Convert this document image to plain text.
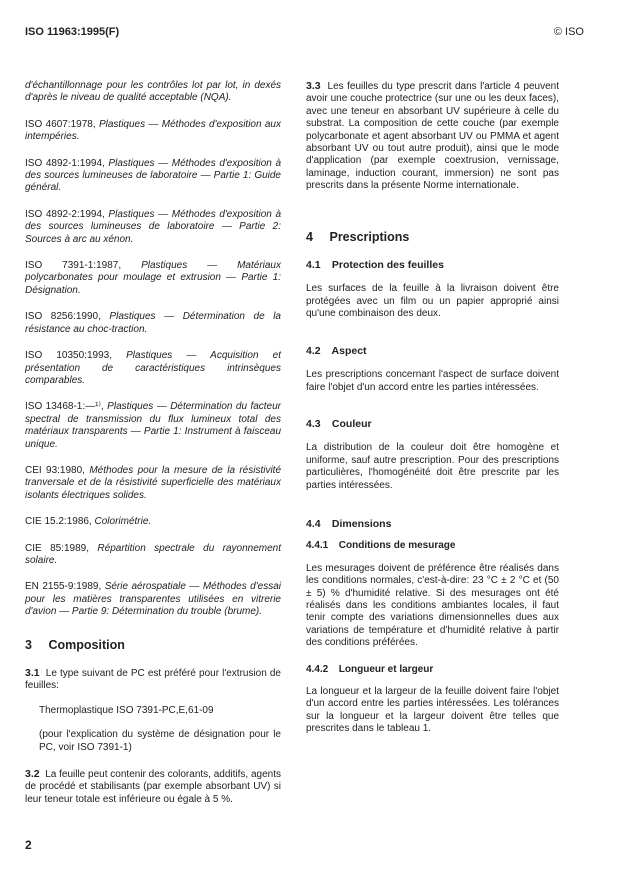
ISO 11963:1995(F)	© ISO

d'échantillonnage pour les contrôles lot par lot, in dexés d'après le niveau de qualité acceptable (NQA).

ISO 4607:1978, Plastiques — Méthodes d'exposition aux intempéries.

ISO 4892-1:1994, Plastiques — Méthodes d'exposition à des sources lumineuses de laboratoire — Partie 1: Guide général.

ISO 4892-2:1994, Plastiques — Méthodes d'exposition à des sources lumineuses de laboratoire — Partie 2: Sources à arc au xénon.

ISO 7391-1:1987, Plastiques — Matériaux polycarbonates pour moulage et extrusion — Partie 1: Désignation.

ISO 8256:1990, Plastiques — Détermination de la résistance au choc-traction.

ISO 10350:1993, Plastiques — Acquisition et présentation de caractéristiques intrinsèques comparables.

ISO 13468-1:—¹⁾, Plastiques — Détermination du facteur spectral de transmission du flux lumineux total des matériaux transparents — Partie 1: Instrument à faisceau unique.

CEI 93:1980, Méthodes pour la mesure de la résistivité tranversale et de la résistivité superficielle des matériaux isolants électriques solides.

CIE 15.2:1986, Colorimétrie.

CIE 85:1989, Répartition spectrale du rayonnement solaire.

EN 2155-9:1989, Série aérospatiale — Méthodes d'essai pour les matières transparentes utilisées en vitrerie d'avion — Partie 9: Détermination du trouble (brume).

3 Composition

3.1 Le type suivant de PC est préféré pour l'extrusion de feuilles:

Thermoplastique ISO 7391-PC,E,61-09

(pour l'explication du système de désignation pour le PC, voir ISO 7391-1)

3.2 La feuille peut contenir des colorants, additifs, agents de procédé et stabilisants (par exemple absorbant UV) si leur teneur totale est inférieure ou égale à 5 %.

3.3 Les feuilles du type prescrit dans l'article 4 peuvent avoir une couche protectrice (sur une ou les deux faces), avec une teneur en absorbant UV supérieure à celle du substrat. La composition de cette couche (par exemple polycarbonate et agent absorbant UV ou PMMA et agent absorbant UV ou tout autre produit), ainsi que le mode d'application (par exemple coextrusion, vernissage, laminage, induction courant, immersion) ne sont pas prescrits dans la présente Norme internationale.

4 Prescriptions

4.1 Protection des feuilles

Les surfaces de la feuille à la livraison doivent être protégées avec un film ou un papier approprié ainsi qu'une combinaison des deux.

4.2 Aspect

Les prescriptions concernant l'aspect de surface doivent faire l'objet d'un accord entre les parties intéressées.

4.3 Couleur

La distribution de la couleur doit être homogène et uniforme, sauf autre prescription. Pour des prescriptions particulières, l'homogénéité doit être prescrite par les parties intéressées.

4.4 Dimensions

4.4.1 Conditions de mesurage

Les mesurages doivent de préférence être réalisés dans les conditions normales, c'est-à-dire: 23 °C ± 2 °C et (50 ± 5) % d'humidité relative. Si des mesurages ont été réalisés dans les conditions ambiantes locales, il faut tenir compte des variations dimensionnelles dues aux variations de température et d'humidité relative à partir des conditions préférées.

4.4.2 Longueur et largeur

La longueur et la largeur de la feuille doivent faire l'objet d'un accord entre les parties intéressées. Les tolérances sur la longueur et la largeur doivent être telles que prescrites dans le tableau 1.

2
